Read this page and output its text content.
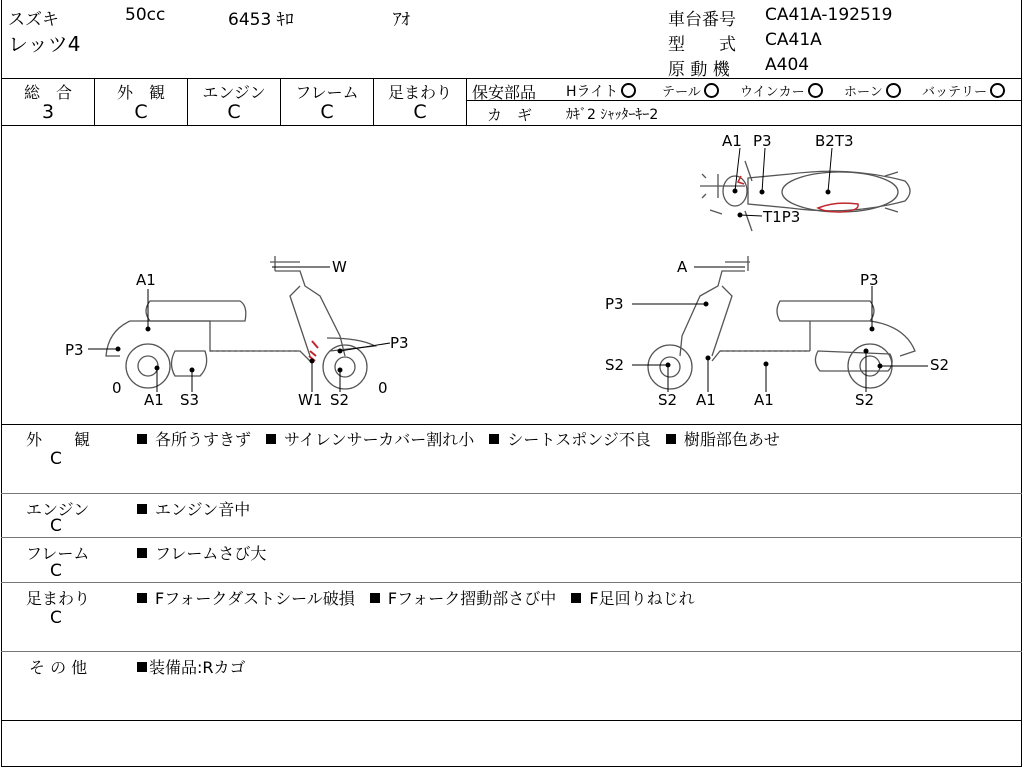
スズキ	50cc	6453 ｷﾛ	ｱｵ
レッツ4
車台番号 CA41A-192519
型　　式 CA41A
原 動 機 A404
総　合
3
外　観
C
エンジン
C
フレーム
C
足まわり
C
保安部品 Hライト	テール	ウインカー	ホーン	バッテリー
カ　ギ ｶｷﾞ2 ｼｬｯﾀｰｷｰ2
A1 P3	B2T3
T1P3
A1
W
P3	P3
0
A1 S3	W1 S2
0
A
P3
P3
S2	S2
S2 A1	A1	S2
外　　観
C
各所うすきず サイレンサーカバー割れ小 シートスポンジ不良 樹脂部色あせ
エンジン
C
エンジン音中
フレーム
C
フレームさび大
足まわり
C
Fフォークダストシール破損 Fフォーク摺動部さび中 F足回りねじれ
そ の 他	装備品:Rカゴ
